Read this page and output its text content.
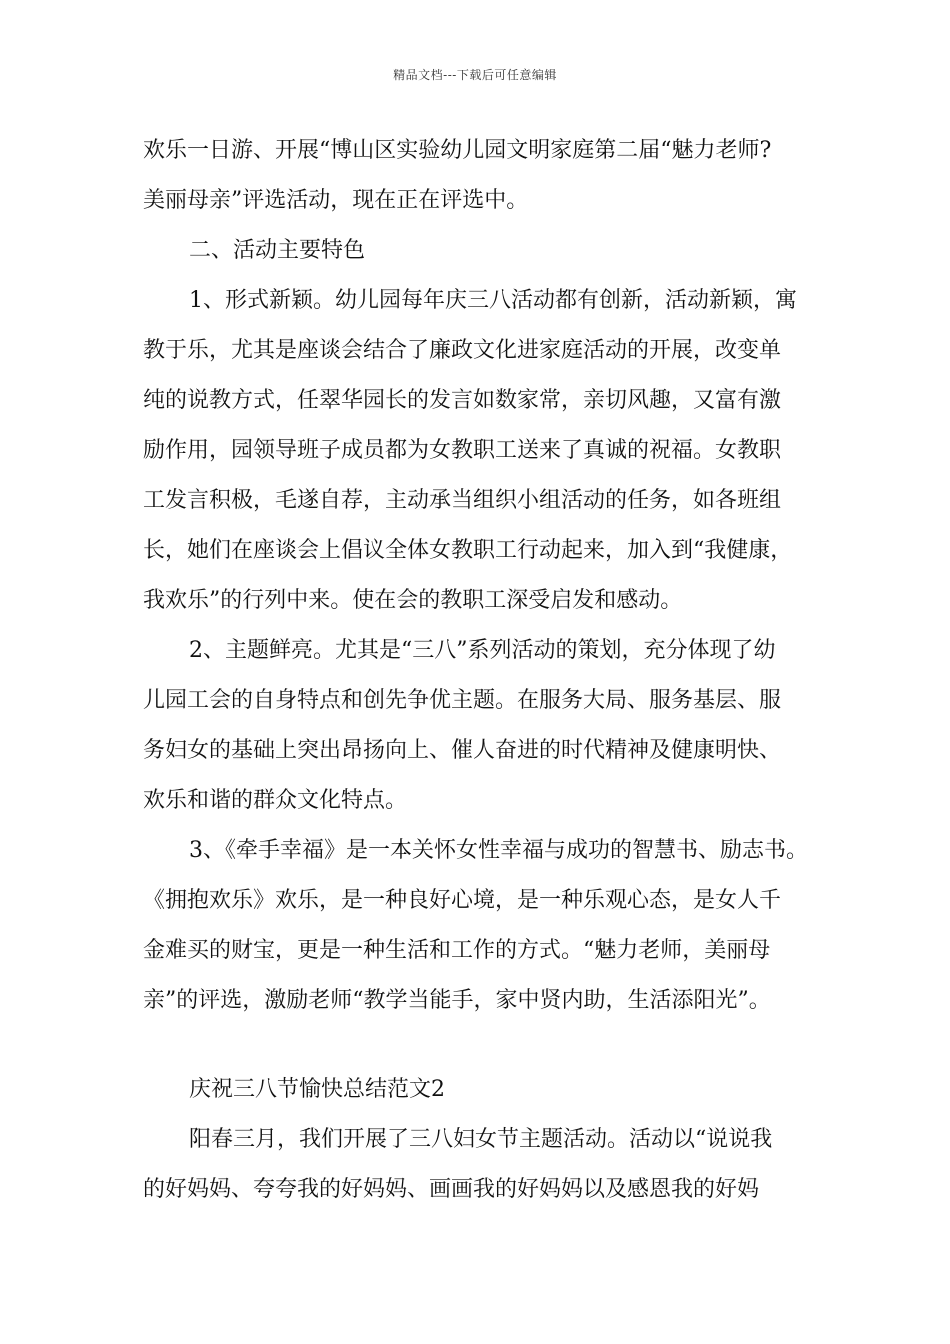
精品文档---下载后可任意编辑

欢乐一日游、开展“博山区实验幼儿园文明家庭第二届“魅力老师?
美丽母亲”评选活动，现在正在评选中。

二、活动主要特色

1、形式新颖。幼儿园每年庆三八活动都有创新，活动新颖，寓
教于乐，尤其是座谈会结合了廉政文化进家庭活动的开展，改变单
纯的说教方式，任翠华园长的发言如数家常，亲切风趣，又富有激
励作用，园领导班子成员都为女教职工送来了真诚的祝福。女教职
工发言积极，毛遂自荐，主动承当组织小组活动的任务，如各班组
长，她们在座谈会上倡议全体女教职工行动起来，加入到“我健康，
我欢乐”的行列中来。使在会的教职工深受启发和感动。

2、主题鲜亮。尤其是“三八”系列活动的策划，充分体现了幼
儿园工会的自身特点和创先争优主题。在服务大局、服务基层、服
务妇女的基础上突出昂扬向上、催人奋进的时代精神及健康明快、
欢乐和谐的群众文化特点。

3、《牵手幸福》是一本关怀女性幸福与成功的智慧书、励志书。
《拥抱欢乐》欢乐，是一种良好心境，是一种乐观心态，是女人千
金难买的财宝，更是一种生活和工作的方式。“魅力老师，美丽母
亲”的评选，激励老师“教学当能手，家中贤内助，生活添阳光”。

庆祝三八节愉快总结范文2

阳春三月，我们开展了三八妇女节主题活动。活动以“说说我
的好妈妈、夸夸我的好妈妈、画画我的好妈妈以及感恩我的好妈
